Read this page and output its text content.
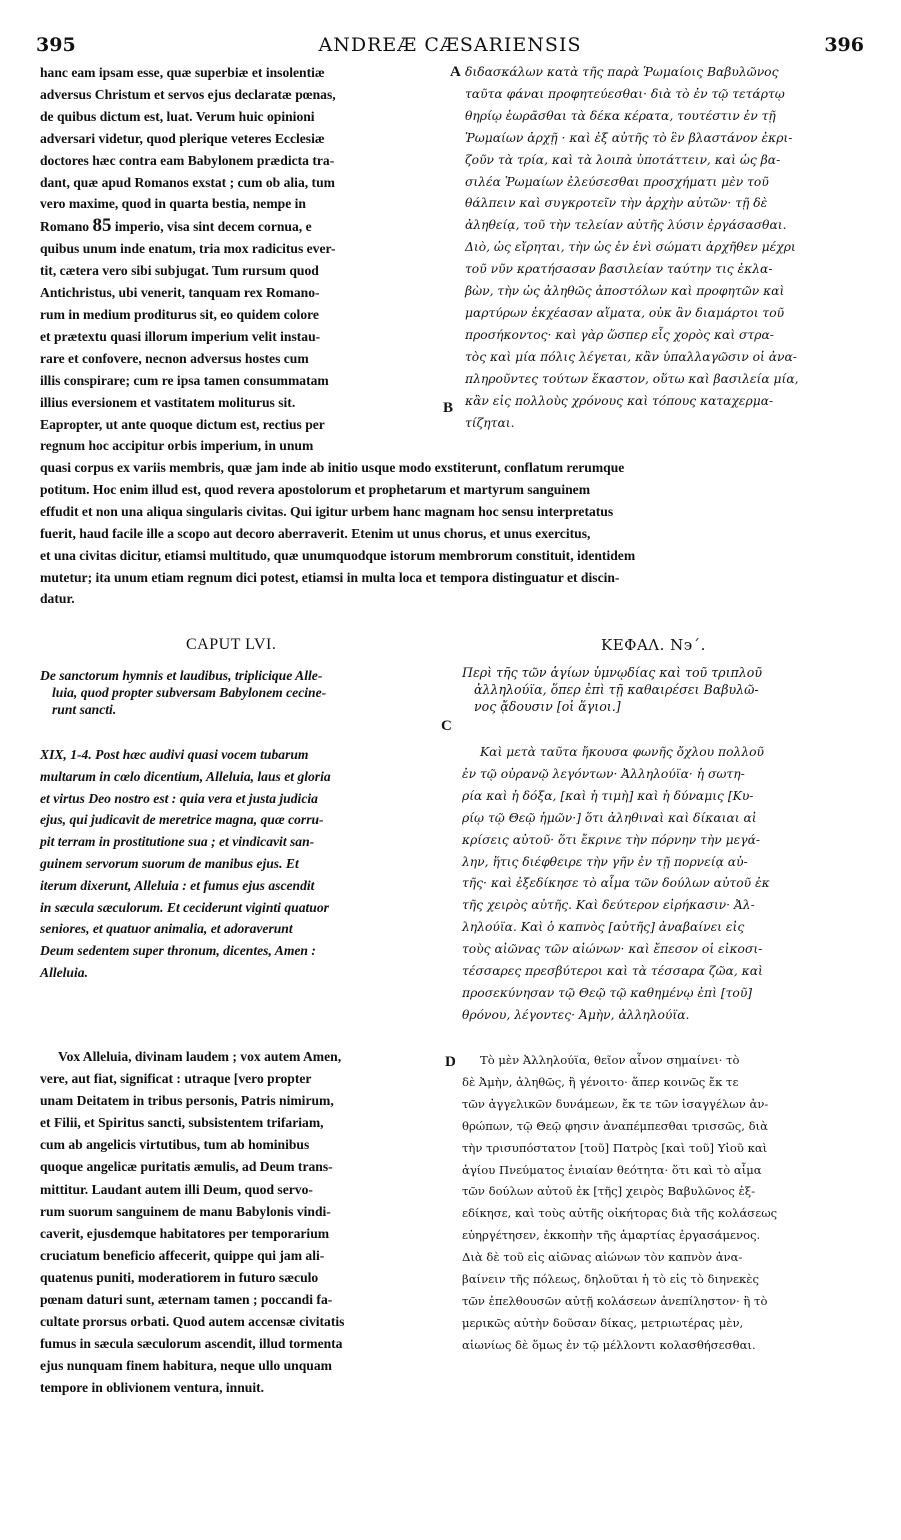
395	ANDREÆ CÆSARIENSIS	396
hanc eam ipsam esse, quæ superbiæ et insolentiæ
adversus Christum et servos ejus declaratæ pœnas,
de quibus dictum est, luat. Verum huic opinioni
adversari videtur, quod plerique veteres Ecclesiæ
doctores hæc contra eam Babylonem prædicta tra-
dant, quæ apud Romanos exstat ; cum ob alia, tum
vero maxime, quod in quarta bestia, nempe in
Romano 85 imperio, visa sint decem cornua, e
quibus unum inde enatum, tria mox radicitus ever-
tit, cætera vero sibi subjugat. Tum rursum quod
Antichristus, ubi venerit, tanquam rex Romano-
rum in medium proditurus sit, eo quidem colore
et prætextu quasi illorum imperium velit instau-
rare et confovere, necnon adversus hostes cum
illis conspirare; cum re ipsa tamen consummatam
illius eversionem et vastitatem moliturus sit.
Eapropter, ut ante quoque dictum est, rectius per
regnum hoc accipitur orbis imperium, in unum
A
B
C
D
διδασκάλων κατὰ τῆς παρὰ Ῥωμαίοις Βαβυλῶνος
ταῦτα φάναι προφητεύεσθαι· διὰ τὸ ἐν τῷ τετάρτῳ
θηρίῳ ἑωρᾶσθαι τὰ δέκα κέρατα, τουτέστιν ἐν τῇ
Ῥωμαίων ἀρχῇ · καὶ ἐξ αὐτῆς τὸ ἓν βλαστάνον ἐκρι-
ζοῦν τὰ τρία, καὶ τὰ λοιπὰ ὑποτάττειν, καὶ ὡς βα-
σιλέα Ῥωμαίων ἐλεύσεσθαι προσχήματι μὲν τοῦ
θάλπειν καὶ συγκροτεῖν τὴν ἀρχὴν αὐτῶν· τῇ δὲ
ἀληθείᾳ, τοῦ τὴν τελείαν αὐτῆς λύσιν ἐργάσασθαι.
Διὸ, ὡς εἴρηται, τὴν ὡς ἐν ἑνὶ σώματι ἀρχῆθεν μέχρι
τοῦ νῦν κρατήσασαν βασιλείαν ταύτην τις ἐκλα-
βὼν, τὴν ὡς ἀληθῶς ἀποστόλων καὶ προφητῶν καὶ
μαρτύρων ἐκχέασαν αἵματα, οὐκ ἂν διαμάρτοι τοῦ
προσήκοντος· καὶ γὰρ ὥσπερ εἷς χορὸς καὶ στρα-
τὸς καὶ μία πόλις λέγεται, κἂν ὑπαλλαγῶσιν οἱ ἀνα-
πληροῦντες τούτων ἕκαστον, οὕτω καὶ βασιλεία μία,
κἂν εἰς πολλοὺς χρόνους καὶ τόπους καταχερμα-
τίζηται.
quasi corpus ex variis membris, quæ jam inde ab initio usque modo exstiterunt, conflatum rerumque
potitum. Hoc enim illud est, quod revera apostolorum et prophetarum et martyrum sanguinem
effudit et non una aliqua singularis civitas. Qui igitur urbem hanc magnam hoc sensu interpretatus
fuerit, haud facile ille a scopo aut decoro aberraverit. Etenim ut unus chorus, et unus exercitus,
et una civitas dicitur, etiamsi multitudo, quæ unumquodque istorum membrorum constituit, identidem
mutetur; ita unum etiam regnum dici potest, etiamsi in multa loca et tempora distinguatur et discin-
datur.
CAPUT LVI.	ΚΕΦΑΛ. Ν϶΄.
De sanctorum hymnis et laudibus, triplicique Alle-
luia, quod propter subversam Babylonem cecine-
runt sancti.
Περὶ τῆς τῶν ἁγίων ὑμνῳδίας καὶ τοῦ τριπλοῦ
ἀλληλούϊα, ὅπερ ἐπὶ τῇ καθαιρέσει Βαβυλῶ-
νος ᾄδουσιν [οἱ ἅγιοι.]
XIX, 1-4. Post hæc audivi quasi vocem tubarum
multarum in cœlo dicentium, Alleluia, laus et gloria
et virtus Deo nostro est : quia vera et justa judicia
ejus, qui judicavit de meretrice magna, quæ corru-
pit terram in prostitutione sua ; et vindicavit san-
guinem servorum suorum de manibus ejus. Et
iterum dixerunt, Alleluia : et fumus ejus ascendit
in sæcula sæculorum. Et ceciderunt viginti quatuor
seniores, et quatuor animalia, et adoraverunt
Deum sedentem super thronum, dicentes, Amen :
Alleluia.
Καὶ μετὰ ταῦτα ἤκουσα φωνῆς ὄχλου πολλοῦ
ἐν τῷ οὐρανῷ λεγόντων· Ἀλληλούϊα· ἡ σωτη-
ρία καὶ ἡ δόξα, [καὶ ἡ τιμὴ] καὶ ἡ δύναμις [Κυ-
ρίῳ τῷ Θεῷ ἡμῶν·] ὅτι ἀληθιναὶ καὶ δίκαιαι αἱ
κρίσεις αὐτοῦ· ὅτι ἔκρινε τὴν πόρνην τὴν μεγά-
λην, ἥτις διέφθειρε τὴν γῆν ἐν τῇ πορνείᾳ αὐ-
τῆς· καὶ ἐξεδίκησε τὸ αἷμα τῶν δούλων αὐτοῦ ἐκ
τῆς χειρὸς αὐτῆς. Καὶ δεύτερον εἰρήκασιν· Ἀλ-
ληλούϊα. Καὶ ὁ καπνὸς [αὐτῆς] ἀναβαίνει εἰς
τοὺς αἰῶνας τῶν αἰώνων· καὶ ἔπεσον οἱ εἰκοσι-
τέσσαρες πρεσβύτεροι καὶ τὰ τέσσαρα ζῶα, καὶ
προσεκύνησαν τῷ Θεῷ τῷ καθημένῳ ἐπὶ [τοῦ]
θρόνου, λέγοντες· Ἀμὴν, ἀλληλούϊα.
Vox Alleluia, divinam laudem ; vox autem Amen,
vere, aut fiat, significat : utraque [vero propter
unam Deitatem in tribus personis, Patris nimirum,
et Filii, et Spiritus sancti, subsistentem trifariam,
cum ab angelicis virtutibus, tum ab hominibus
quoque angelicæ puritatis æmulis, ad Deum trans-
mittitur. Laudant autem illi Deum, quod servo-
rum suorum sanguinem de manu Babylonis vindi-
caverit, ejusdemque habitatores per temporarium
cruciatum beneficio affecerit, quippe qui jam ali-
quatenus puniti, moderatiorem in futuro sæculo
pœnam daturi sunt, æternam tamen ; poccandi fa-
cultate prorsus orbati. Quod autem accensæ civitatis
fumus in sæcula sæculorum ascendit, illud tormenta
ejus nunquam finem habitura, neque ullo unquam
tempore in oblivionem ventura, innuit.
Τὸ μὲν Ἀλληλούϊα, θεῖον αἶνον σημαίνει· τὸ
δὲ Ἀμὴν, ἀληθῶς, ἢ γένοιτο· ἅπερ κοινῶς ἔκ τε
τῶν ἀγγελικῶν δυνάμεων, ἔκ τε τῶν ἰσαγγέλων ἀν-
θρώπων, τῷ Θεῷ φησιν ἀναπέμπεσθαι τρισσῶς, διὰ
τὴν τρισυπόστατον [τοῦ] Πατρὸς [καὶ τοῦ] Υἱοῦ καὶ
ἁγίου Πνεύματος ἑνιαίαν θεότητα· ὅτι καὶ τὸ αἷμα
τῶν δούλων αὐτοῦ ἐκ [τῆς] χειρὸς Βαβυλῶνος ἐξ-
εδίκησε, καὶ τοὺς αὐτῆς οἰκήτορας διὰ τῆς κολάσεως
εὐηργέτησεν, ἐκκοπὴν τῆς ἁμαρτίας ἐργασάμενος.
Διὰ δὲ τοῦ εἰς αἰῶνας αἰώνων τὸν καπνὸν ἀνα-
βαίνειν τῆς πόλεως, δηλοῦται ἡ τὸ εἰς τὸ διηνεκὲς
τῶν ἐπελθουσῶν αὐτῇ κολάσεων ἀνεπίληστον· ἢ τὸ
μερικῶς αὐτὴν δοῦσαν δίκας, μετριωτέρας μὲν,
αἰωνίως δὲ ὅμως ἐν τῷ μέλλοντι κολασθήσεσθαι.
